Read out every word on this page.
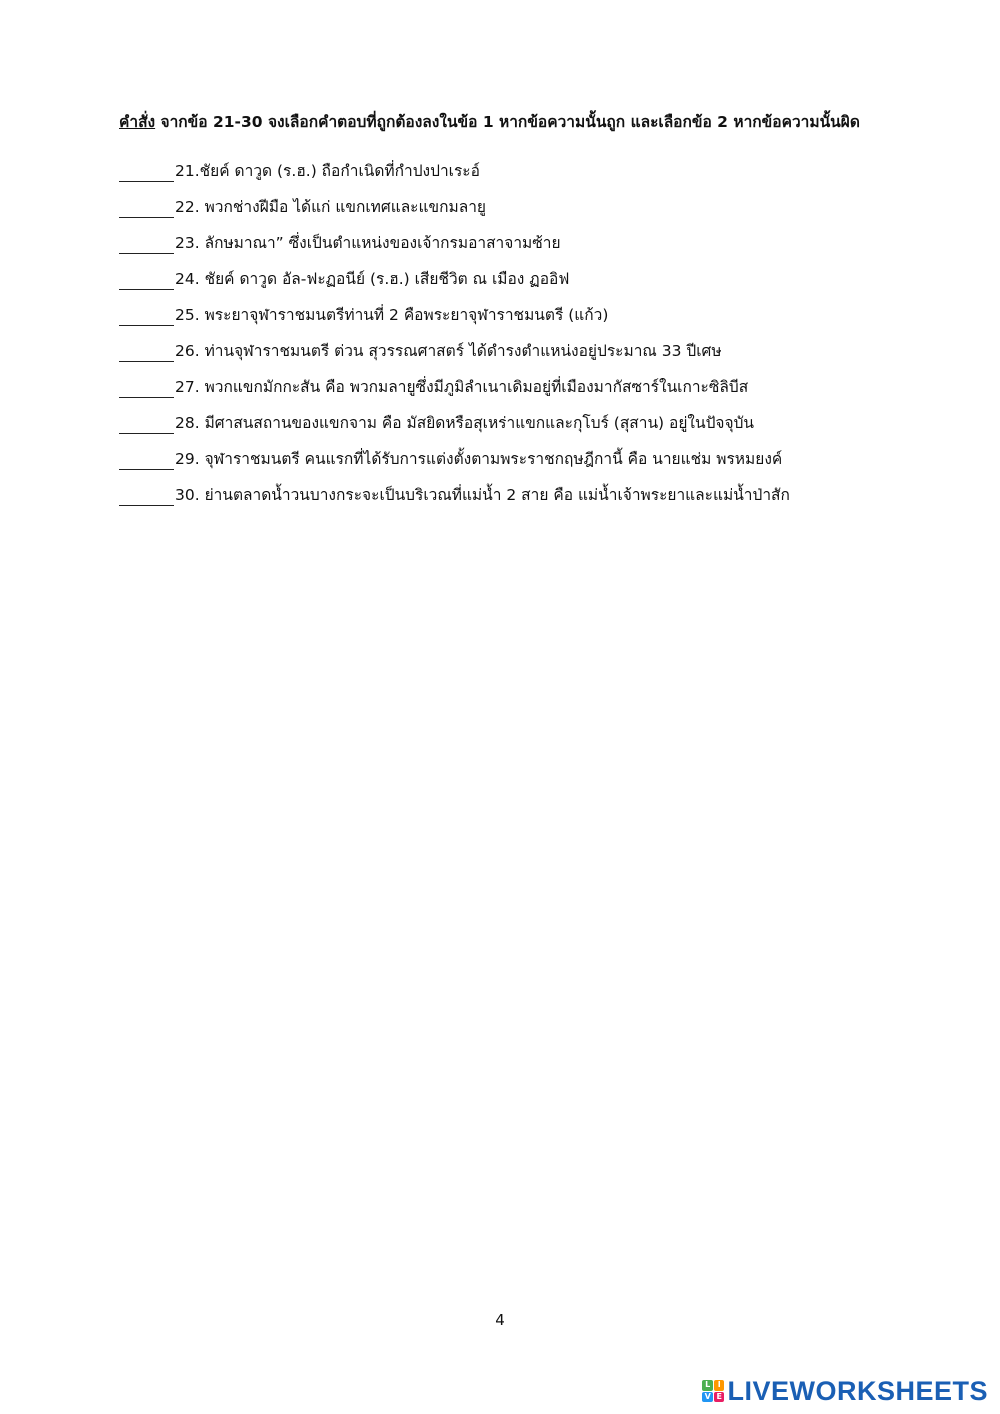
คำสั่ง จากข้อ 21-30 จงเลือกคำตอบที่ถูกต้องลงในข้อ 1 หากข้อความนั้นถูก และเลือกข้อ 2 หากข้อความนั้นผิด
21.ชัยค์ ดาวูด (ร.ฮ.) ถือกำเนิดที่กำปงปาเระอ์
22. พวกช่างฝีมือ ได้แก่ แขกเทศและแขกมลายู
23. ลักษมาณา” ซึ่งเป็นตำแหน่งของเจ้ากรมอาสาจามซ้าย
24. ชัยค์ ดาวูด อัล-ฟะฏอนีย์ (ร.ฮ.) เสียชีวิต ณ เมือง ฏออิฟ
25. พระยาจุฬาราชมนตรีท่านที่ 2 คือพระยาจุฬาราชมนตรี (แก้ว)
26. ท่านจุฬาราชมนตรี ต่วน สุวรรณศาสตร์ ได้ดำรงตำแหน่งอยู่ประมาณ 33 ปีเศษ
27. พวกแขกมักกะสัน คือ พวกมลายูซึ่งมีภูมิลำเนาเดิมอยู่ที่เมืองมากัสซาร์ในเกาะซิลิบีส
28. มีศาสนสถานของแขกจาม คือ มัสยิดหรือสุเหร่าแขกและกุโบร์ (สุสาน) อยู่ในปัจจุบัน
29. จุฬาราชมนตรี คนแรกที่ได้รับการแต่งตั้งตามพระราชกฤษฎีกานี้ คือ นายแช่ม พรหมยงค์
30. ย่านตลาดน้ำวนบางกระจะเป็นบริเวณที่แม่น้ำ 2 สาย คือ แม่น้ำเจ้าพระยาและแม่น้ำป่าสัก
4
L I
V E LIVEWORKSHEETS
